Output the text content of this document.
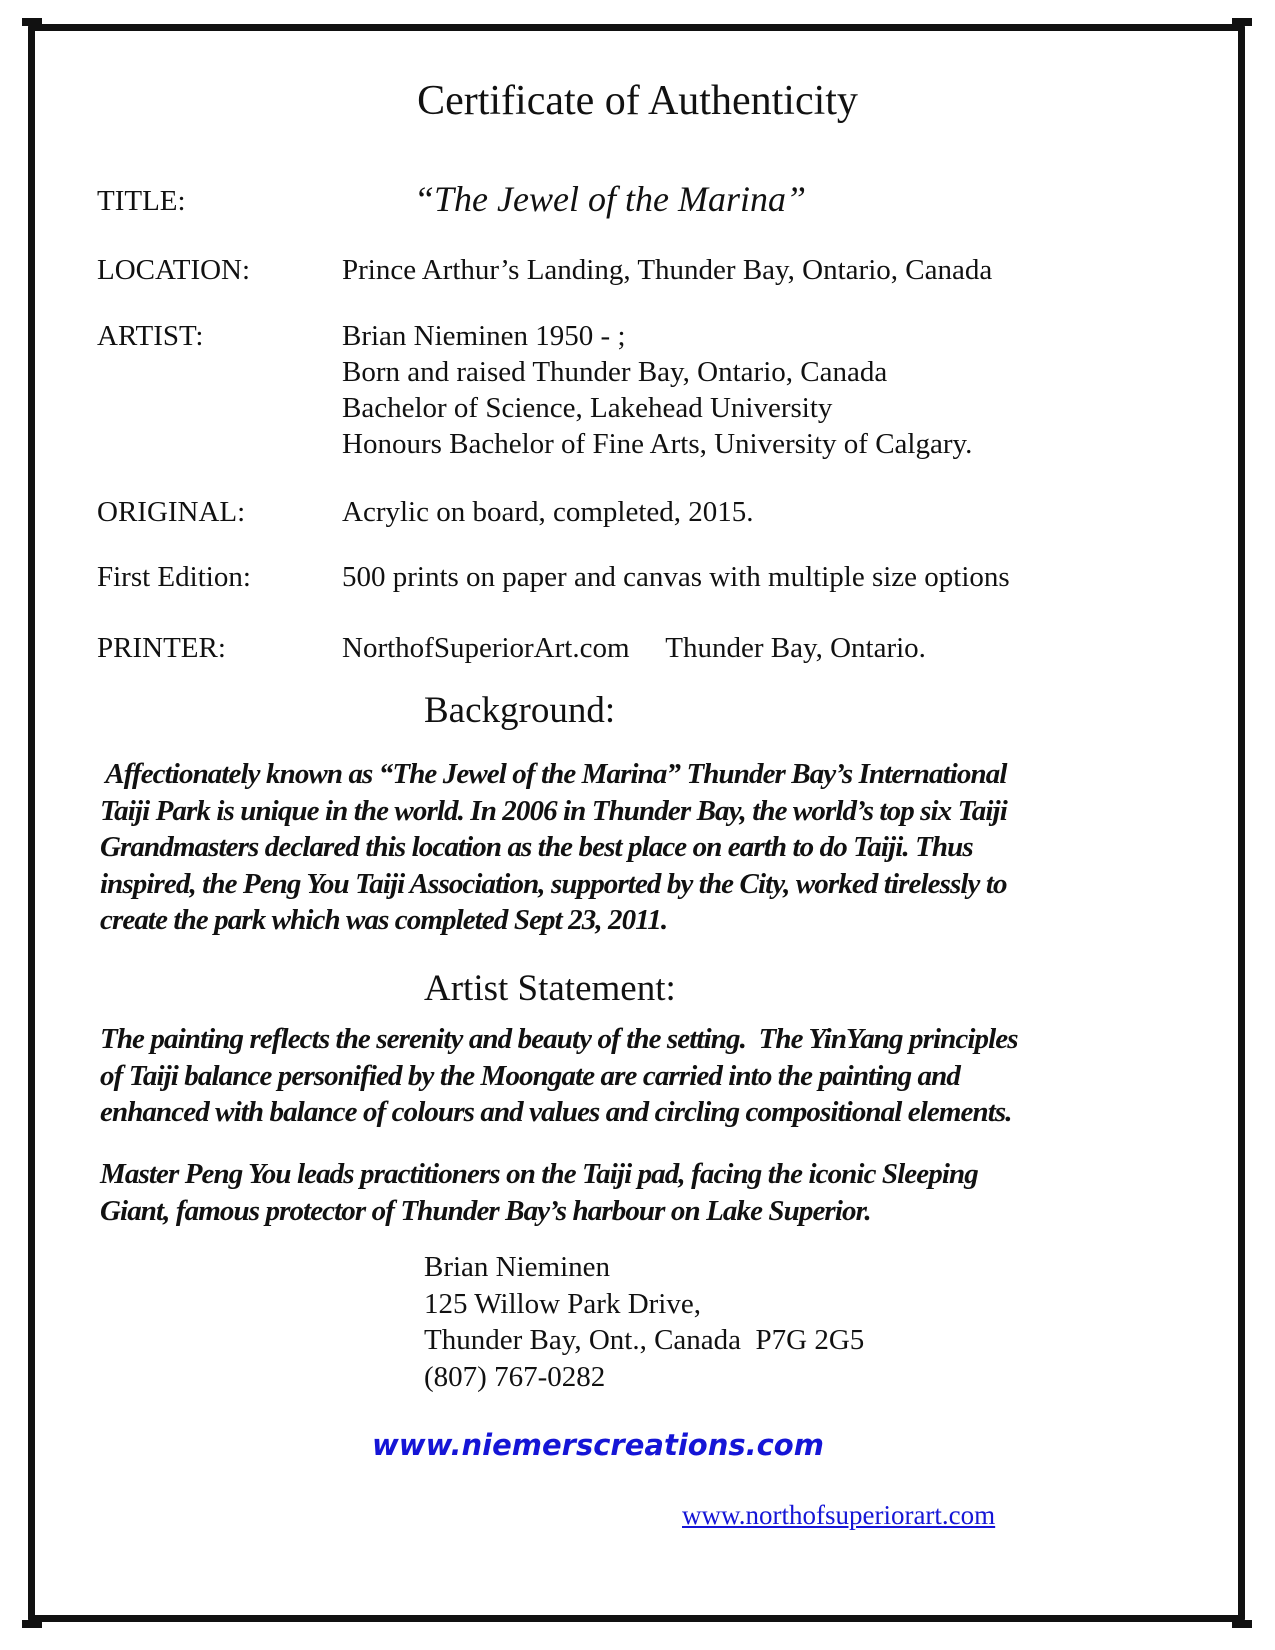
Certificate of Authenticity
TITLE:	“The Jewel of the Marina”
LOCATION:	Prince Arthur’s Landing, Thunder Bay, Ontario, Canada
ARTIST:	Brian Nieminen 1950 - ;
Born and raised Thunder Bay, Ontario, Canada
Bachelor of Science, Lakehead University
Honours Bachelor of Fine Arts, University of Calgary.
ORIGINAL:	Acrylic on board, completed, 2015.
First Edition:	500 prints on paper and canvas with multiple size options
PRINTER:	NorthofSuperiorArt.com     Thunder Bay, Ontario.
Background:
Affectionately known as “The Jewel of the Marina” Thunder Bay’s International
Taiji Park is unique in the world. In 2006 in Thunder Bay, the world’s top six Taiji
Grandmasters declared this location as the best place on earth to do Taiji. Thus
inspired, the Peng You Taiji Association, supported by the City, worked tirelessly to
create the park which was completed Sept 23, 2011.
Artist Statement:
The painting reflects the serenity and beauty of the setting.  The YinYang principles
of Taiji balance personified by the Moongate are carried into the painting and
enhanced with balance of colours and values and circling compositional elements.
Master Peng You leads practitioners on the Taiji pad, facing the iconic Sleeping
Giant, famous protector of Thunder Bay’s harbour on Lake Superior.
Brian Nieminen
125 Willow Park Drive,
Thunder Bay, Ont., Canada  P7G 2G5
(807) 767-0282
www.niemerscreations.com
www.northofsuperiorart.com
